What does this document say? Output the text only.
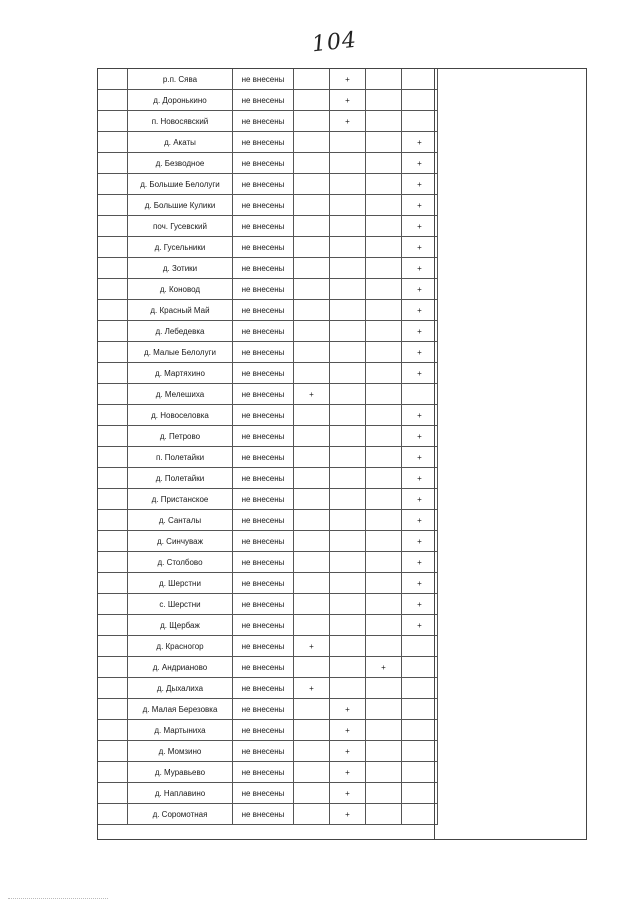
104
	р.п. Сява	не внесены		+		
	д. Доронькино	не внесены		+		
	п. Новосявский	не внесены		+		
	д. Акаты	не внесены				+
	д. Безводное	не внесены				+
	д. Большие Белолуги	не внесены				+
	д. Большие Кулики	не внесены				+
	поч. Гусевский	не внесены				+
	д. Гусельники	не внесены				+
	д. Зотики	не внесены				+
	д. Коновод	не внесены				+
	д. Красный Май	не внесены				+
	д. Лебедевка	не внесены				+
	д. Малые Белолуги	не внесены				+
	д. Мартяхино	не внесены				+
	д. Мелешиха	не внесены	+			
	д. Новоселовка	не внесены				+
	д. Петрово	не внесены				+
	п. Полетайки	не внесены				+
	д. Полетайки	не внесены				+
	д. Пристанское	не внесены				+
	д. Санталы	не внесены				+
	д. Синчуваж	не внесены				+
	д. Столбово	не внесены				+
	д. Шерстни	не внесены				+
	с. Шерстни	не внесены				+
	д. Щербаж	не внесены				+
	д. Красногор	не внесены	+			
	д. Андрианово	не внесены			+	
	д. Дыхалиха	не внесены	+			
	д. Малая Березовка	не внесены		+		
	д. Мартыниха	не внесены		+		
	д. Момзино	не внесены		+		
	д. Муравьево	не внесены		+		
	д. Наплавино	не внесены		+		
	д. Соромотная	не внесены		+		
